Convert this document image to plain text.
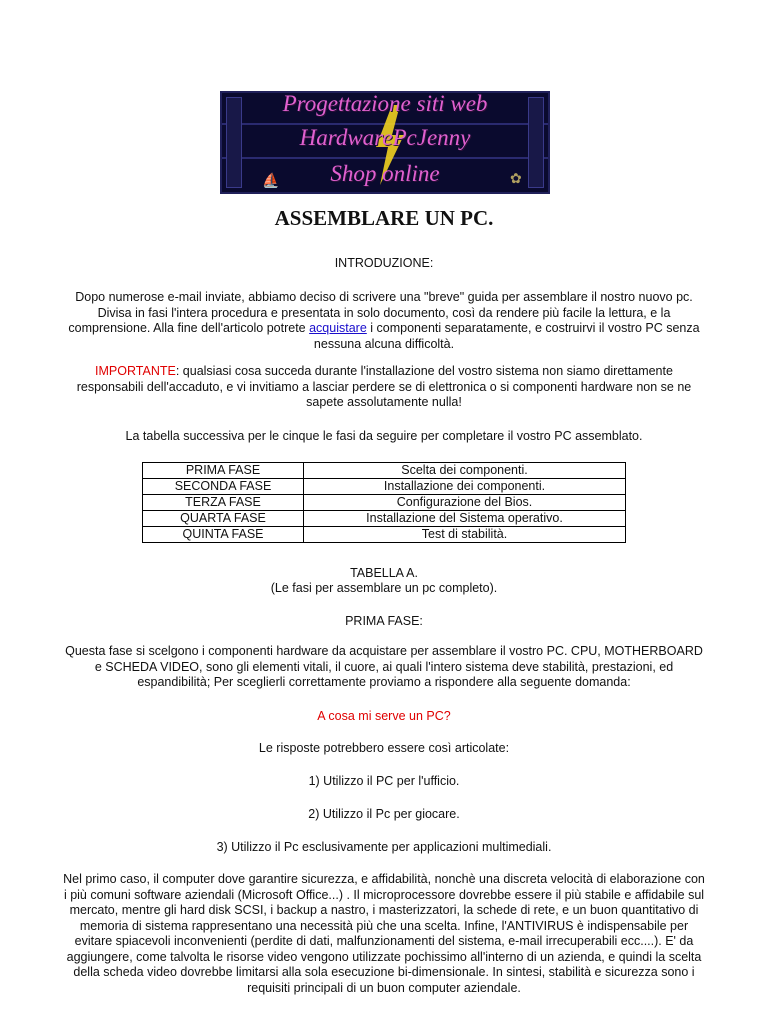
⛵	✿
Progettazione siti web
HardwarePcJenny
Shop online
ASSEMBLARE UN PC.

INTRODUZIONE:

Dopo numerose e-mail inviate, abbiamo deciso di scrivere una "breve" guida per assemblare il nostro nuovo pc. Divisa in fasi l'intera procedura e presentata in solo documento, così da rendere più facile la lettura, e la comprensione. Alla fine dell'articolo potrete acquistare i componenti separatamente, e costruirvi il vostro PC senza nessuna alcuna difficoltà.

IMPORTANTE: qualsiasi cosa succeda durante l'installazione del vostro sistema non siamo direttamente responsabili dell'accaduto, e vi invitiamo a lasciar perdere se di elettronica o si componenti hardware non se ne sapete assolutamente nulla!

La tabella successiva per le cinque le fasi da seguire per completare il vostro PC assemblato.

PRIMA FASE	Scelta dei componenti.
SECONDA FASE	Installazione dei componenti.
TERZA FASE	Configurazione del Bios.
QUARTA FASE	Installazione del Sistema operativo.
QUINTA FASE	Test di stabilità.

TABELLA A.

(Le fasi per assemblare un pc completo).

PRIMA FASE:

Questa fase si scelgono i componenti hardware da acquistare per assemblare il vostro PC. CPU, MOTHERBOARD e SCHEDA VIDEO, sono gli elementi vitali, il cuore, ai quali l'intero sistema deve stabilità, prestazioni, ed espandibilità; Per sceglierli correttamente proviamo a rispondere alla seguente domanda:

A cosa mi serve un PC?

Le risposte potrebbero essere così articolate:

1) Utilizzo il PC per l'ufficio.

2) Utilizzo il Pc per giocare.

3) Utilizzo il Pc esclusivamente per applicazioni multimediali.

Nel primo caso, il computer dove garantire sicurezza, e affidabilità, nonchè una discreta velocità di elaborazione con i più comuni software aziendali (Microsoft Office...) . Il microprocessore dovrebbe essere il più stabile e affidabile sul mercato, mentre gli hard disk SCSI, i backup a nastro, i masterizzatori, la schede di rete, e un buon quantitativo di memoria di sistema rappresentano una necessità più che una scelta. Infine, l'ANTIVIRUS è indispensabile per evitare spiacevoli inconvenienti (perdite di dati, malfunzionamenti del sistema, e-mail irrecuperabili ecc....). E' da aggiungere, come talvolta le risorse video vengono utilizzate pochissimo all'interno di un azienda, e quindi la scelta della scheda video dovrebbe limitarsi alla sola esecuzione bi-dimensionale. In sintesi, stabilità e sicurezza sono i requisiti principali di un buon computer aziendale.
